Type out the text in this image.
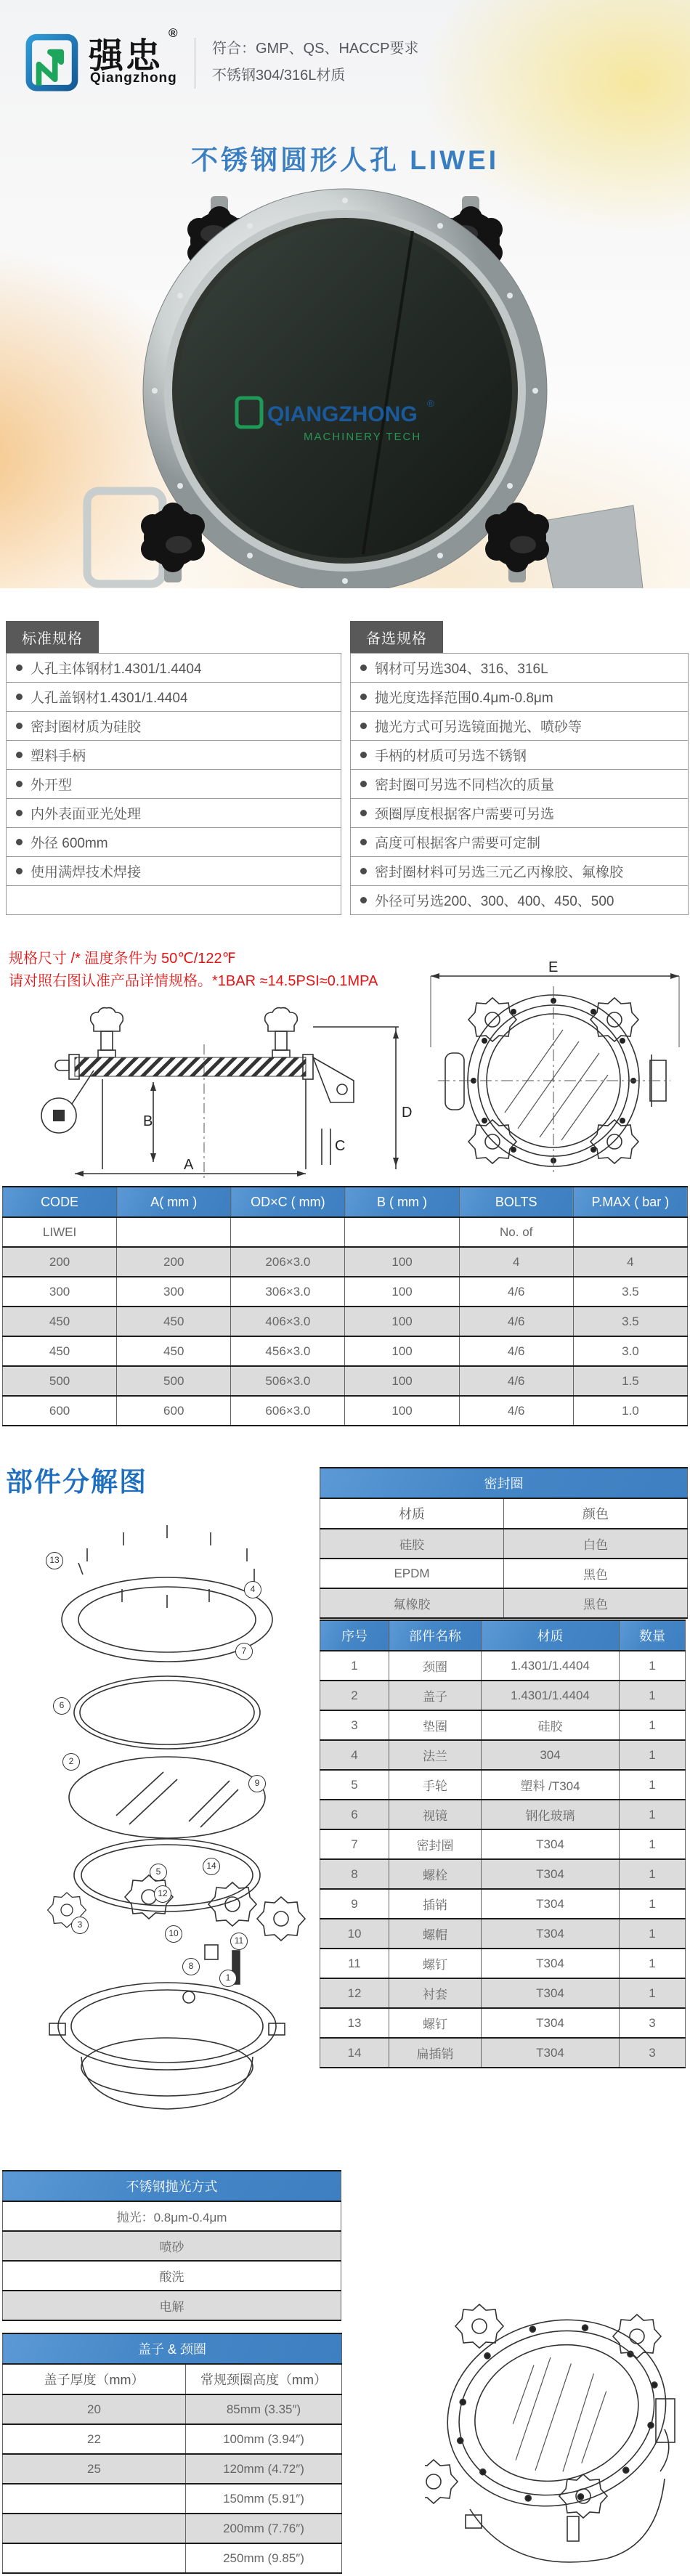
强忠
®
Qiangzhong
符合：GMP、QS、HACCP要求
不锈钢304/316L材质
不锈钢圆形人孔 LIWEI
QIANGZHONG ®
MACHINERY TECH
标准规格
人孔主体钢材1.4301/1.4404
人孔盖钢材1.4301/1.4404
密封圈材质为硅胶
塑料手柄
外开型
内外表面亚光处理
外径 600mm
使用满焊技术焊接
备选规格
钢材可另选304、316、316L
抛光度选择范围0.4μm-0.8μm
抛光方式可另选镜面抛光、喷砂等
手柄的材质可另选不锈钢
密封圈可另选不同档次的质量
颈圈厚度根据客户需要可另选
高度可根据客户需要可定制
密封圈材料可另选三元乙丙橡胶、氟橡胶
外径可另选200、300、400、450、500
规格尺寸 /* 温度条件为 50℃/122℉
请对照右图认准产品详情规格。*1BAR ≈14.5PSI≈0.1MPA
B
D
C
A
E
CODE	A( mm )	OD×C ( mm)	B ( mm )	BOLTS	P.MAX ( bar )
LIWEI				No. of	
200	200	206×3.0	100	4	4
300	300	306×3.0	100	4/6	3.5
450	450	406×3.0	100	4/6	3.5
450	450	456×3.0	100	4/6	3.0
500	500	506×3.0	100	4/6	1.5
600	600	606×3.0	100	4/6	1.0
部件分解图	密封圈	
材质	颜色
硅胶	白色
EPDM	黑色
氟橡胶	黑色
序号	部件名称	材质	数量
1	颈圈	1.4301/1.4404	1
2	盖子	1.4301/1.4404	1
3	垫圈	硅胶	1
4	法兰	304	1
5	手轮	塑料 /T304	1
6	视镜	钢化玻璃	1
7	密封圈	T304	1
8	螺栓	T304	1
9	插销	T304	1
10	螺帽	T304	1
11	螺钉	T304	1
12	衬套	T304	1
13	螺钉	T304	3
14	扁插销	T304	3
13
4
7
6
2
9
5
14
12
3
10
11
8
1
不锈钢抛光方式
抛光：0.8μm-0.4μm
喷砂
酸洗
电解
盖子 & 颈圈	
盖子厚度（mm）	常规颈圈高度（mm）
20	85mm (3.35″)
22	100mm (3.94″)
25	120mm (4.72″)
	150mm (5.91″)
	200mm (7.76″)
	250mm (9.85″)
